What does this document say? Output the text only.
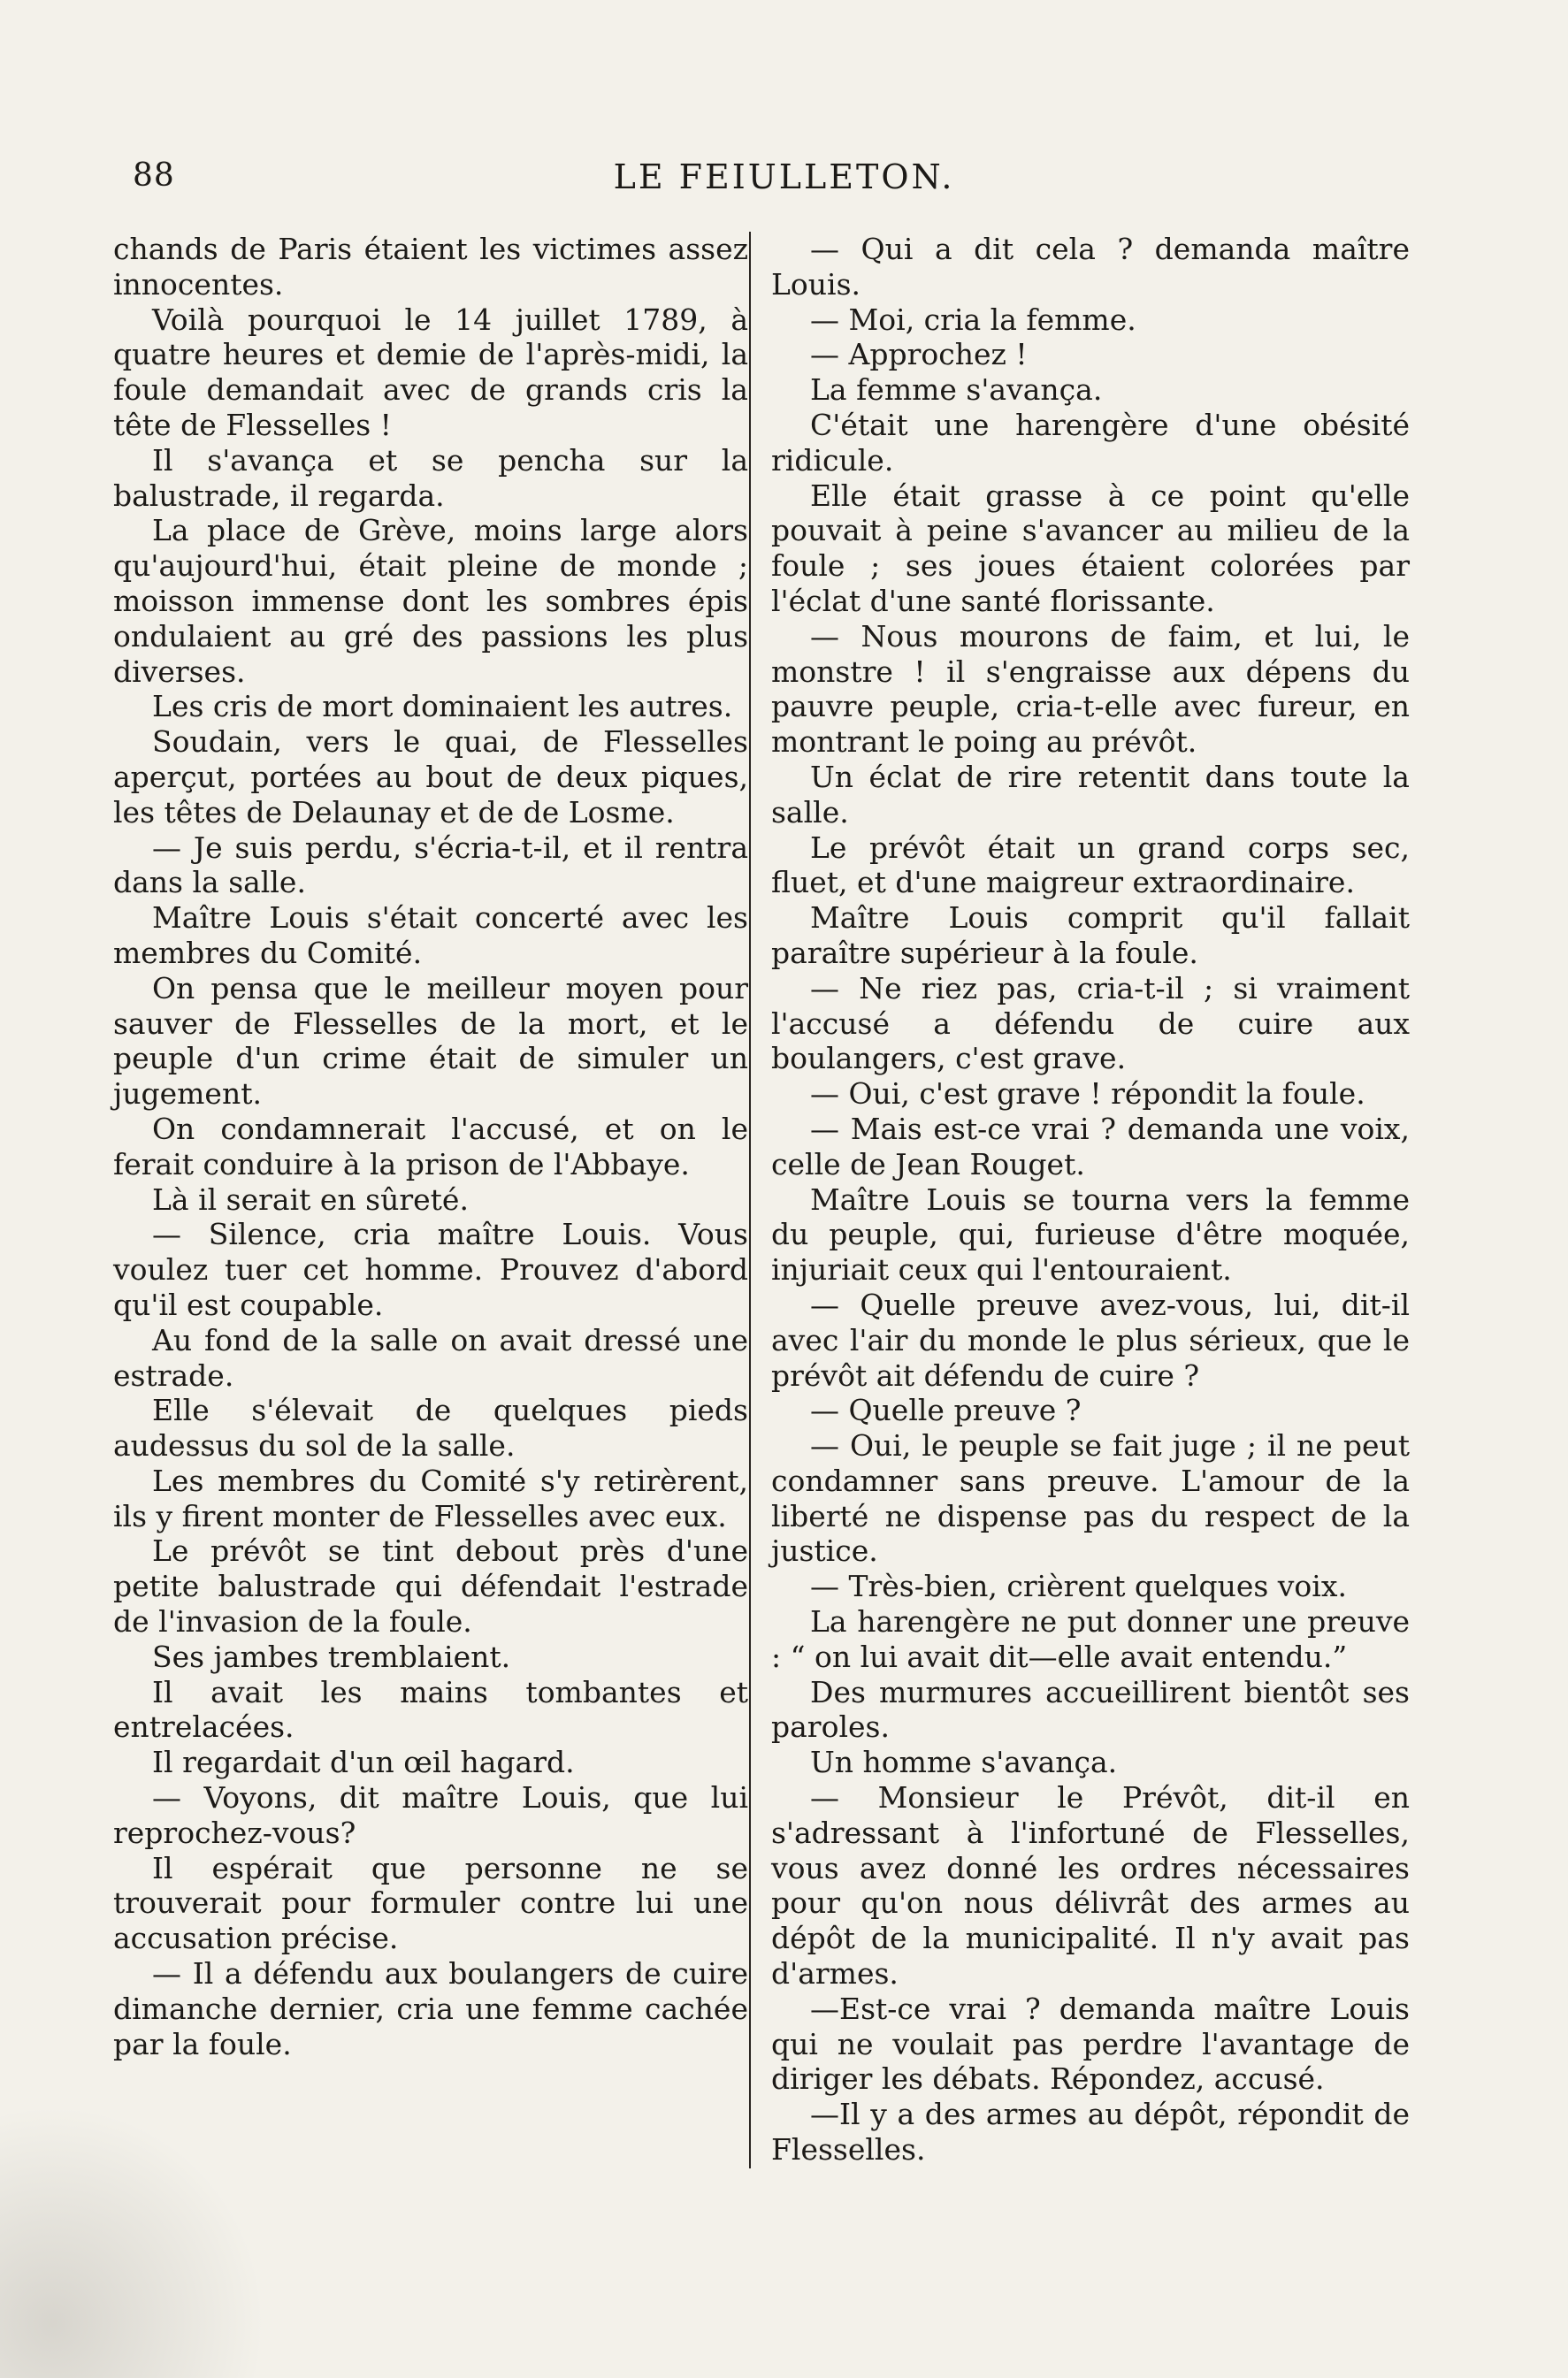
88	LE FEIULLETON.

chands de Paris étaient les victimes assez innocentes.

Voilà pourquoi le 14 juillet 1789, à quatre heures et demie de l'après-midi, la foule demandait avec de grands cris la tête de Flesselles !

Il s'avança et se pencha sur la balustrade, il regarda.

La place de Grève, moins large alors qu'aujourd'hui, était pleine de monde ; moisson immense dont les sombres épis ondulaient au gré des passions les plus diverses.

Les cris de mort dominaient les autres.

Soudain, vers le quai, de Flesselles aperçut, portées au bout de deux piques, les têtes de Delaunay et de de Losme.

— Je suis perdu, s'écria-t-il, et il rentra dans la salle.

Maître Louis s'était concerté avec les membres du Comité.

On pensa que le meilleur moyen pour sauver de Flesselles de la mort, et le peuple d'un crime était de simuler un jugement.

On condamnerait l'accusé, et on le ferait conduire à la prison de l'Abbaye.

Là il serait en sûreté.

— Silence, cria maître Louis. Vous voulez tuer cet homme. Prouvez d'abord qu'il est coupable.

Au fond de la salle on avait dressé une estrade.

Elle s'élevait de quelques pieds audessus du sol de la salle.

Les membres du Comité s'y retirèrent, ils y firent monter de Flesselles avec eux.

Le prévôt se tint debout près d'une petite balustrade qui défendait l'estrade de l'invasion de la foule.

Ses jambes tremblaient.

Il avait les mains tombantes et entrelacées.

Il regardait d'un œil hagard.

— Voyons, dit maître Louis, que lui reprochez-vous?

Il espérait que personne ne se trouverait pour formuler contre lui une accusation précise.

— Il a défendu aux boulangers de cuire dimanche dernier, cria une femme cachée par la foule.

— Qui a dit cela ? demanda maître Louis.

— Moi, cria la femme.

— Approchez !

La femme s'avança.

C'était une harengère d'une obésité ridicule.

Elle était grasse à ce point qu'elle pouvait à peine s'avancer au milieu de la foule ; ses joues étaient colorées par l'éclat d'une santé florissante.

— Nous mourons de faim, et lui, le monstre ! il s'engraisse aux dépens du pauvre peuple, cria-t-elle avec fureur, en montrant le poing au prévôt.

Un éclat de rire retentit dans toute la salle.

Le prévôt était un grand corps sec, fluet, et d'une maigreur extraordinaire.

Maître Louis comprit qu'il fallait paraître supérieur à la foule.

— Ne riez pas, cria-t-il ; si vraiment l'accusé a défendu de cuire aux boulangers, c'est grave.

— Oui, c'est grave ! répondit la foule.

— Mais est-ce vrai ? demanda une voix, celle de Jean Rouget.

Maître Louis se tourna vers la femme du peuple, qui, furieuse d'être moquée, injuriait ceux qui l'entouraient.

— Quelle preuve avez-vous, lui, dit-il avec l'air du monde le plus sérieux, que le prévôt ait défendu de cuire ?

— Quelle preuve ?

— Oui, le peuple se fait juge ; il ne peut condamner sans preuve. L'amour de la liberté ne dispense pas du respect de la justice.

— Très-bien, crièrent quelques voix.

La harengère ne put donner une preuve : “ on lui avait dit—elle avait entendu.”

Des murmures accueillirent bientôt ses paroles.

Un homme s'avança.

— Monsieur le Prévôt, dit-il en s'adressant à l'infortuné de Flesselles, vous avez donné les ordres nécessaires pour qu'on nous délivrât des armes au dépôt de la municipalité. Il n'y avait pas d'armes.

—Est-ce vrai ? demanda maître Louis qui ne voulait pas perdre l'avantage de diriger les débats. Répondez, accusé.

—Il y a des armes au dépôt, répondit de Flesselles.
